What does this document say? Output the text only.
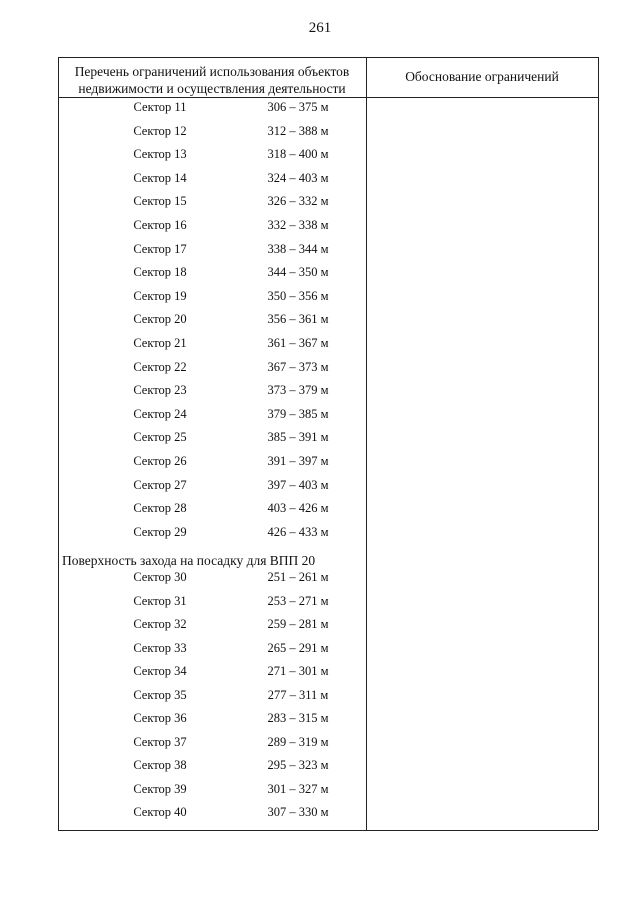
261
Перечень ограничений использования объектов
недвижимости и осуществления деятельности
Обоснование ограничений
Сектор 11	306 – 375 м
Сектор 12	312 – 388 м
Сектор 13	318 – 400 м
Сектор 14	324 – 403 м
Сектор 15	326 – 332 м
Сектор 16	332 – 338 м
Сектор 17	338 – 344 м
Сектор 18	344 – 350 м
Сектор 19	350 – 356 м
Сектор 20	356 – 361 м
Сектор 21	361 – 367 м
Сектор 22	367 – 373 м
Сектор 23	373 – 379 м
Сектор 24	379 – 385 м
Сектор 25	385 – 391 м
Сектор 26	391 – 397 м
Сектор 27	397 – 403 м
Сектор 28	403 – 426 м
Сектор 29	426 – 433 м
Поверхность захода на посадку для ВПП 20
Сектор 30	251 – 261 м
Сектор 31	253 – 271 м
Сектор 32	259 – 281 м
Сектор 33	265 – 291 м
Сектор 34	271 – 301 м
Сектор 35	277 – 311 м
Сектор 36	283 – 315 м
Сектор 37	289 – 319 м
Сектор 38	295 – 323 м
Сектор 39	301 – 327 м
Сектор 40	307 – 330 м
